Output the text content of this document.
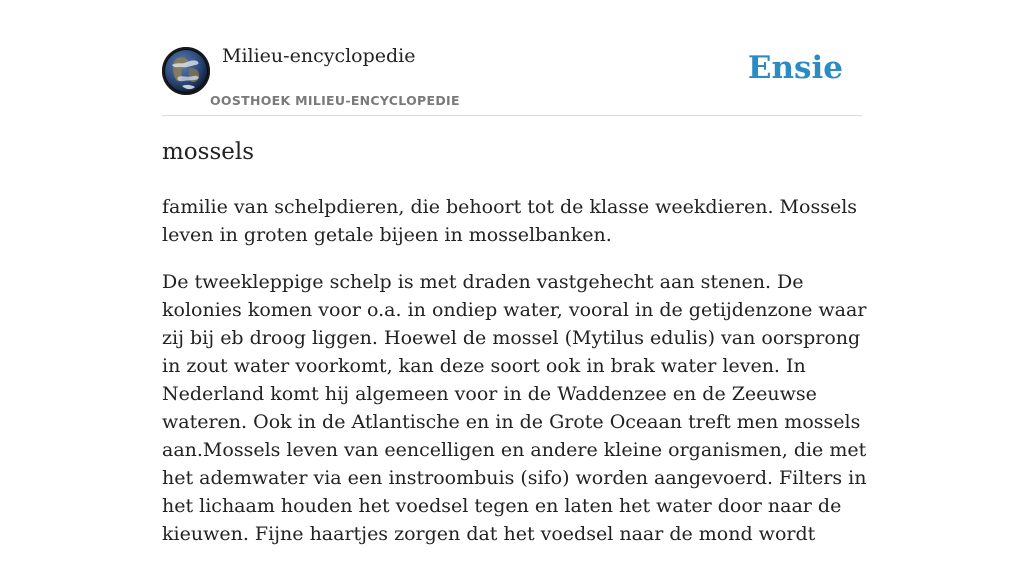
Milieu-encyclopedie
OOSTHOEK MILIEU-ENCYCLOPEDIE
Ensie
mossels

familie van schelpdieren, die behoort tot de klasse weekdieren. Mossels leven in groten getale bijeen in mosselbanken.

De tweekleppige schelp is met draden vastgehecht aan stenen. De kolonies komen voor o.a. in ondiep water, vooral in de getijdenzone waar zij bij eb droog liggen. Hoewel de mossel (Mytilus edulis) van oorsprong in zout water voorkomt, kan deze soort ook in brak water leven. In Nederland komt hij algemeen voor in de Waddenzee en de Zeeuwse wateren. Ook in de Atlantische en in de Grote Oceaan treft men mossels aan.Mossels leven van eencelligen en andere kleine organismen, die met het ademwater via een instroombuis (sifo) worden aangevoerd. Filters in het lichaam houden het voedsel tegen en laten het water door naar de kieuwen. Fijne haartjes zorgen dat het voedsel naar de mond wordt
